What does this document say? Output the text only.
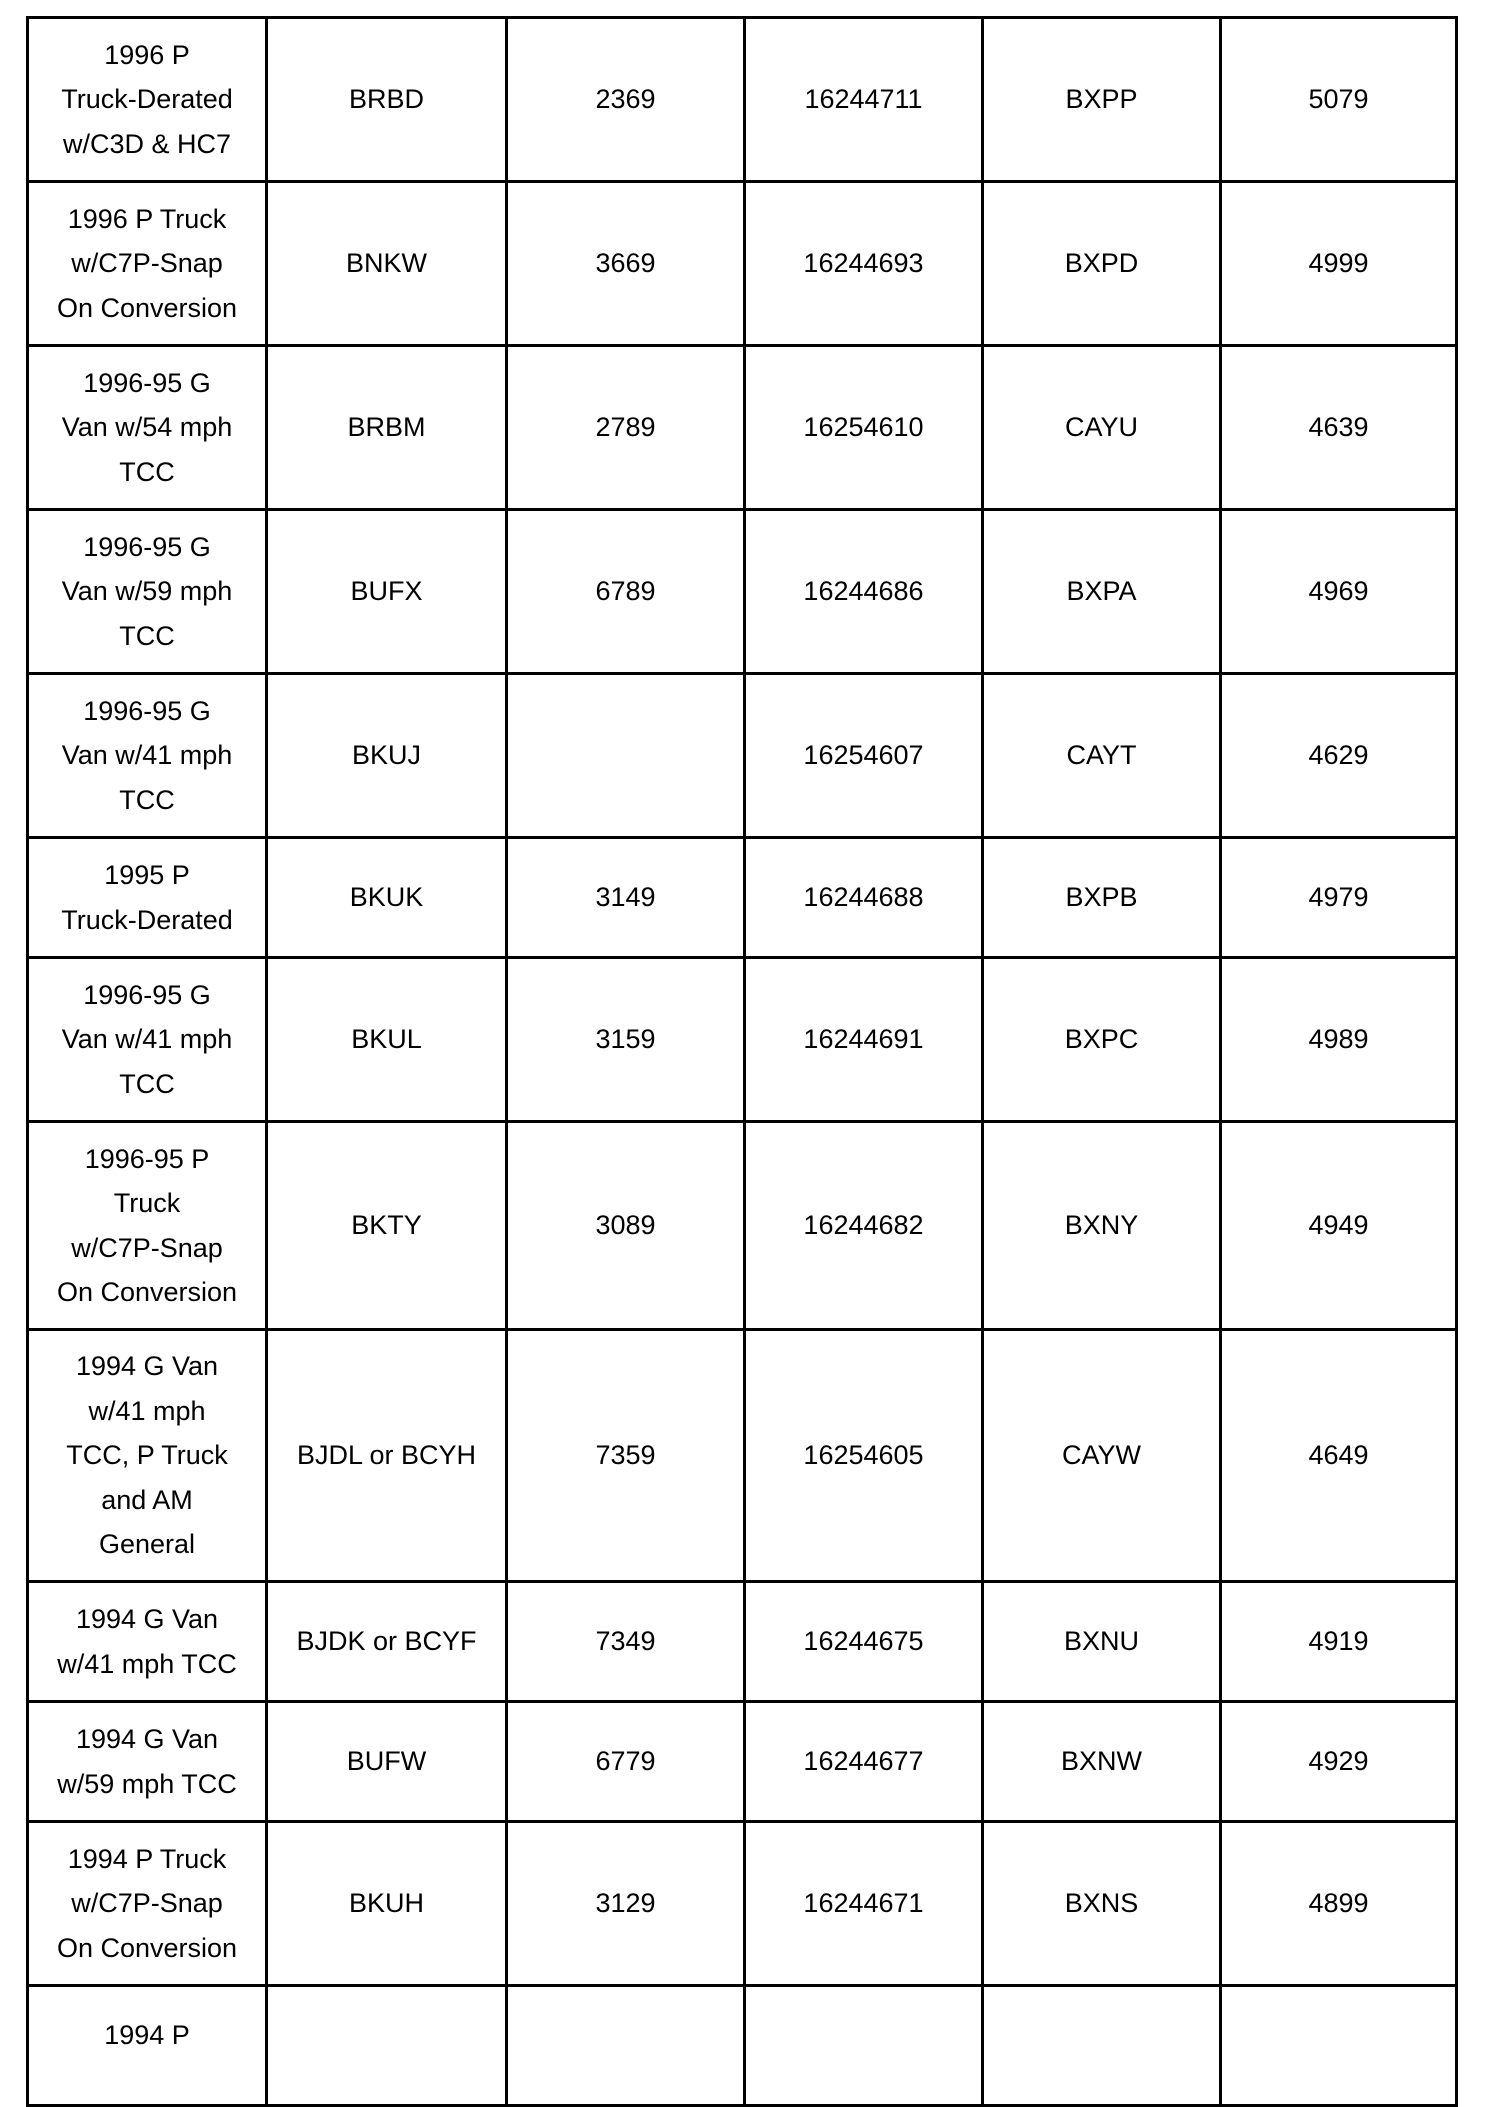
1996 P
Truck-Derated
w/C3D & HC7	BRBD	2369	16244711	BXPP	5079
1996 P Truck
w/C7P-Snap
On Conversion	BNKW	3669	16244693	BXPD	4999
1996-95 G
Van w/54 mph
TCC	BRBM	2789	16254610	CAYU	4639
1996-95 G
Van w/59 mph
TCC	BUFX	6789	16244686	BXPA	4969
1996-95 G
Van w/41 mph
TCC	BKUJ		16254607	CAYT	4629
1995 P
Truck-Derated	BKUK	3149	16244688	BXPB	4979
1996-95 G
Van w/41 mph
TCC	BKUL	3159	16244691	BXPC	4989
1996-95 P
Truck
w/C7P-Snap
On Conversion	BKTY	3089	16244682	BXNY	4949
1994 G Van
w/41 mph
TCC, P Truck
and AM
General	BJDL or BCYH	7359	16254605	CAYW	4649
1994 G Van
w/41 mph TCC	BJDK or BCYF	7349	16244675	BXNU	4919
1994 G Van
w/59 mph TCC	BUFW	6779	16244677	BXNW	4929
1994 P Truck
w/C7P-Snap
On Conversion	BKUH	3129	16244671	BXNS	4899
1994 P					
